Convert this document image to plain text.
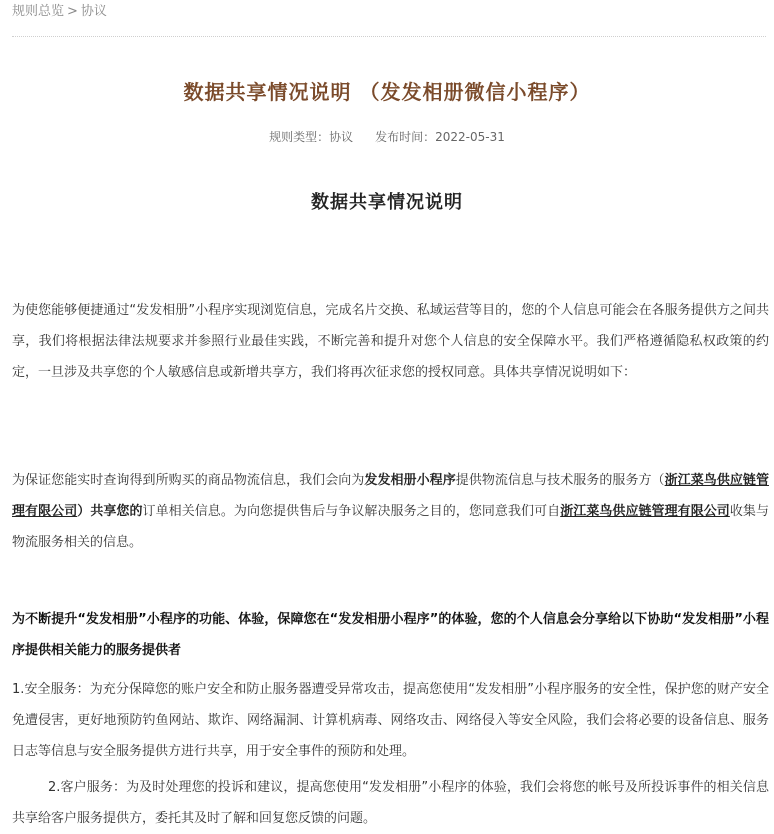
规则总览 > 协议
数据共享情况说明 （发发相册微信小程序）
规则类型：协议 发布时间：2022-05-31
数据共享情况说明

为使您能够便捷通过“发发相册”小程序实现浏览信息，完成名片交换、私域运营等目的，您的个人信息可能会在各服务提供方之间共享，我们将根据法律法规要求并参照行业最佳实践，不断完善和提升对您个人信息的安全保障水平。我们严格遵循隐私权政策的约定，一旦涉及共享您的个人敏感信息或新增共享方，我们将再次征求您的授权同意。具体共享情况说明如下：

为保证您能实时查询得到所购买的商品物流信息，我们会向为发发相册小程序提供物流信息与技术服务的服务方（浙江菜鸟供应链管理有限公司）共享您的订单相关信息。为向您提供售后与争议解决服务之目的，您同意我们可自浙江菜鸟供应链管理有限公司收集与物流服务相关的信息。

为不断提升“发发相册”小程序的功能、体验，保障您在“发发相册小程序”的体验，您的个人信息会分享给以下协助“发发相册”小程序提供相关能力的服务提供者

1.安全服务：为充分保障您的账户安全和防止服务器遭受异常攻击，提高您使用“发发相册”小程序服务的安全性，保护您的财产安全免遭侵害，更好地预防钓鱼网站、欺诈、网络漏洞、计算机病毒、网络攻击、网络侵入等安全风险，我们会将必要的设备信息、服务日志等信息与安全服务提供方进行共享，用于安全事件的预防和处理。

2.客户服务：为及时处理您的投诉和建议，提高您使用“发发相册”小程序的体验，我们会将您的帐号及所投诉事件的相关信息共享给客户服务提供方，委托其及时了解和回复您反馈的问题。
